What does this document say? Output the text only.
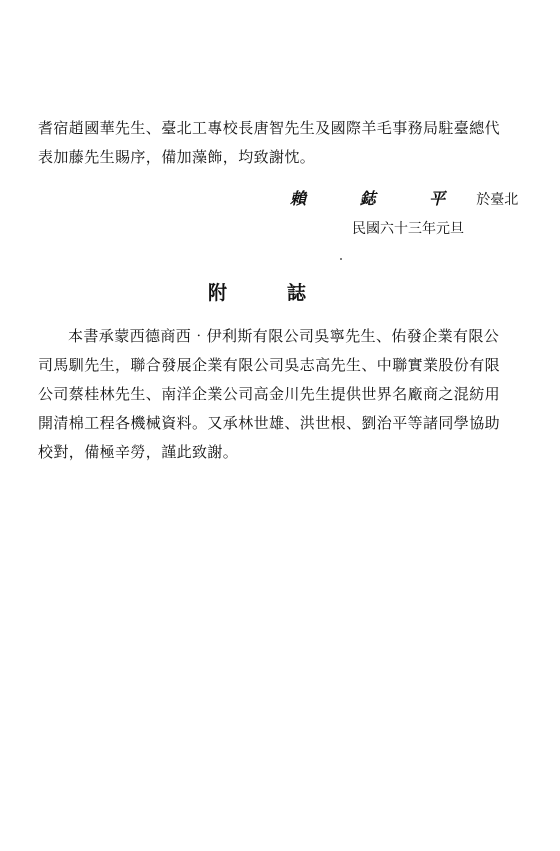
耆宿趙國華先生、臺北工專校長唐智先生及國際羊毛事務局駐臺總代
表加藤先生賜序，備加藻飾，均致謝忱。

賴 鋕 平 於臺北
民國六十三年元旦
附誌

本書承蒙西德商西‧伊利斯有限公司吳寧先生、佑發企業有限公
司馬馴先生，聯合發展企業有限公司吳志高先生、中聯實業股份有限
公司蔡桂林先生、南洋企業公司高金川先生提供世界名廠商之混紡用
開清棉工程各機械資料。又承林世雄、洪世根、劉治平等諸同學協助
校對，備極辛勞，謹此致謝。
